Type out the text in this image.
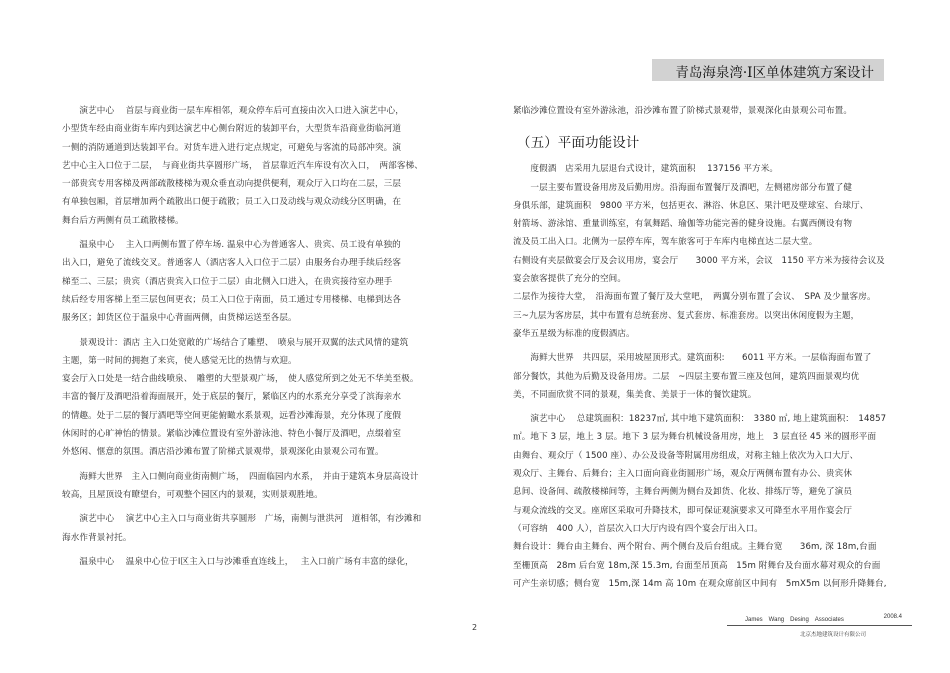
青岛海泉湾·Ⅰ区单体建筑方案设计
　　演艺中心　 首层与商业街一层车库相邻，观众停车后可直接由次入口进入演艺中心，
小型货车经由商业街车库内到达演艺中心侧台附近的装卸平台，大型货车沿商业街临河道
一侧的消防通道到达装卸平台。对货车进入进行定点规定，可避免与客流的局部冲突。演
艺中心主入口位于二层，　与商业街共享圆形广场，　首层靠近汽车库设有次入口，　两部客梯、
一部贵宾专用客梯及两部疏散楼梯为观众垂直动向提供便利，观众厅入口均在二层，三层
有单独包厢，首层增加两个疏散出口便于疏散；员工入口及动线与观众动线分区明确，在
舞台后方两侧有员工疏散楼梯。
　　温泉中心　 主入口两侧布置了停车场. 温泉中心为普通客人、贵宾、员工设有单独的
出入口，避免了流线交叉。普通客人（酒店客人入口位于二层）由服务台办理手续后经客
梯至二、三层；贵宾（酒店贵宾入口位于二层）由北侧入口进入，在贵宾接待室办理手
续后经专用客梯上至三层包间更衣；员工入口位于南面，员工通过专用楼梯、电梯到达各
服务区；卸货区位于温泉中心背面两侧，由货梯运送至各层。
　　景观设计：酒店 主入口处宽敞的广场结合了雕塑、　喷泉与展开双翼的法式风情的建筑
主题，第一时间的拥抱了来宾，使人感觉无比的热情与欢迎。
宴会厅入口处是一结合曲线喷泉、　雕塑的大型景观广场，　使人感觉所到之处无不华美至极。
丰富的餐厅及酒吧沿着海面展开，处于底层的餐厅，紧临区内的水系充分享受了滨海亲水
的情趣。处于二层的餐厅酒吧等空间更能俯瞰水系景观，远看沙滩海景，充分体现了度假
休闲时的心旷神怡的情景。紧临沙滩位置设有室外游泳池、特色小餐厅及酒吧，点缀着室
外悠闲、惬意的氛围。酒店沿沙滩布置了阶梯式景观带，景观深化由景观公司布置。
　　海鲜大世界　主入口侧向商业街南侧广场，　四面临园内水系，　并由于建筑本身层高设计
较高，且屋顶设有瞭望台，可观整个园区内的景观，实则景观胜地。
　　演艺中心　 演艺中心主入口与商业街共享圆形　广场，南侧与泄洪河　道相邻，有沙滩和
海水作背景衬托。
　　温泉中心　 温泉中心位于Ⅰ区主入口与沙滩垂直连线上，　 主入口前广场有丰富的绿化，
紧临沙滩位置设有室外游泳池，沿沙滩布置了阶梯式景观带，景观深化由景观公司布置。
（五）平面功能设计
　　度假酒　店采用九层退台式设计，建筑面积　 137156 平方米。
　　一层主要布置设备用房及后勤用房。沿海面布置餐厅及酒吧，左侧裙房部分布置了健
身俱乐部，建筑面积　9800 平方米，包括更衣、淋浴、休息区、果汁吧及壁球室、台球厅、
射箭场、游泳馆、重量训练室，有氧舞蹈、瑜伽等功能完善的健身设施。右翼西侧设有物
流及员工出入口。北侧为一层停车库，驾车旅客可于车库内电梯直达二层大堂。
右侧设有夹层做宴会厅及会议用房，宴会厅　　3000 平方米，会议　1150 平方米为接待会议及
宴会旅客提供了充分的空间。
二层作为接待大堂，　沿海面布置了餐厅及大堂吧，　两翼分别布置了会议、　SPA 及少量客房。
三~九层为客房层，其中布置有总统套房、复式套房、标准套房。以突出休闲度假为主题，
豪华五星级为标准的度假酒店。
　　海鲜大世界　共四层，采用坡屋顶形式。建筑面积:　　6011 平方米。一层临海面布置了
部分餐饮，其他为后勤及设备用房。二层　~四层主要布置三座及包间，建筑四面景观均优
美，不同面欣赏不同的景观，集美食、美景于一体的餐饮建筑。
　　演艺中心　 总建筑面积：18237㎡, 其中地下建筑面积：　3380 ㎡, 地上建筑面积：　14857
㎡。地下 3 层，地上 3 层。地下 3 层为舞台机械设备用房，地上　3 层直径 45 米的圆形平面
由舞台、观众厅（ 1500 座）、办公及设备等附属用房组成，对称主轴上依次为入口大厅、
观众厅、主舞台、后舞台；主入口面向商业街圆形广场，观众厅两侧布置有办公、贵宾休
息间、设备间、疏散楼梯间等，主舞台两侧为侧台及卸货、化妆、排练厅等，避免了演员
与观众流线的交叉。座席区采取可升降技术，即可保证观演要求又可降至水平用作宴会厅
（可容纳　400 人），首层次入口大厅内设有四个宴会厅出入口。
舞台设计：舞台由主舞台、两个附台、两个侧台及后台组成。主舞台宽　　36m, 深 18m,台面
至栅顶高　28m 后台宽 18m,深 15.3m, 台面至吊顶高　15m 附舞台及台面水幕对观众的台面
可产生亲切感；侧台宽　15m,深 14m 高 10m 在观众席前区中间有　5mX5m 以何形升降舞台,
2
James　Wang　Desing　Associates	2008.4
北京杰地建筑设计有限公司
